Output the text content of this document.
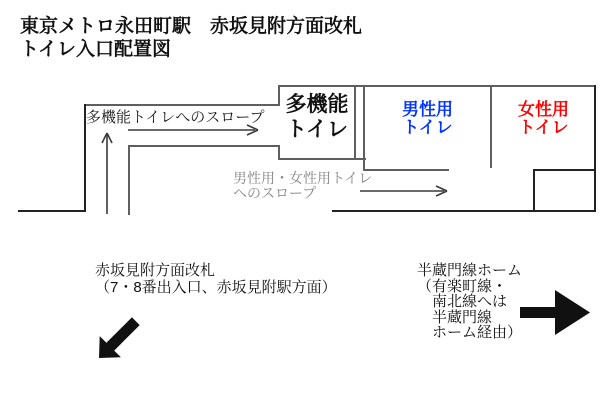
東京メトロ永田町駅　赤坂見附方面改札
トイレ入口配置図
多機能トイレへのスロープ
多機能
トイレ
男性用
トイレ
女性用
トイレ
男性用・女性用トイレ
へのスロープ
赤坂見附方面改札
（7・8番出入口、赤坂見附駅方面）
半蔵門線ホーム
（有楽町線・
　南北線へは
　半蔵門線
　ホーム経由）
